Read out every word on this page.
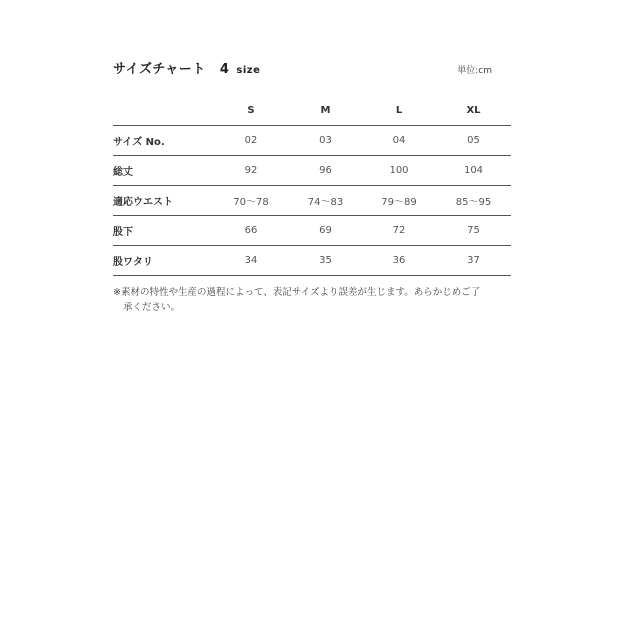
サイズチャート 4 size	単位:cm
	S	M	L	XL
サイズ No.	02	03	04	05
総丈	92	96	100	104
適応ウエスト	70～78	74～83	79～89	85～95
股下	66	69	72	75
股ワタリ	34	35	36	37
※素材の特性や生産の過程によって、表記サイズより誤差が生じます。あらかじめご了
承ください。
